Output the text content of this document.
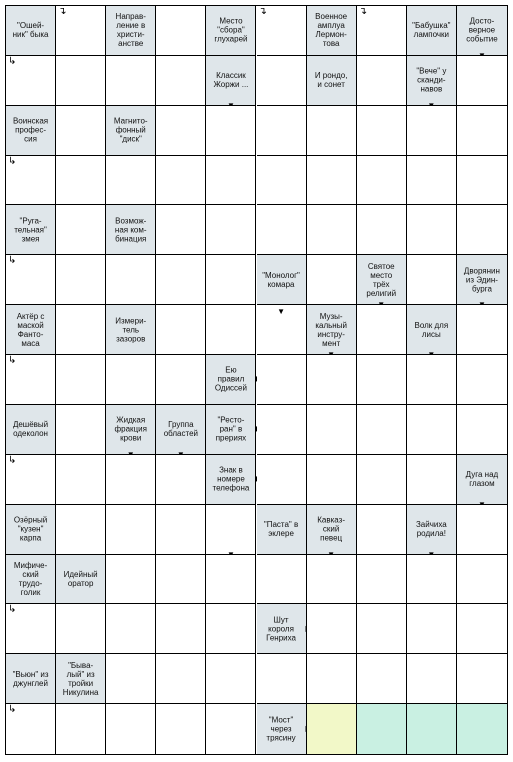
"Ошей-
ник" быка
↴	Направ-
ление в
христи-
анстве
Место
"сбора"
глухарей
↴	Военное
амплуа
Лермон-
това
↴
"Бабушка"
лампочки
Досто-
верное
событие
↳
Классик
Жоржи ...
И рондо,
и сонет
"Вече" у
сканди-
навов
Воинская
профес-
сия
Магнито-
фонный
"диск"
↳
"Руга-
тельная"
змея
Возмож-
ная ком-
бинация
↳
"Монолог"
комара
Святое
место
трёх
религий
Дворянин
из Эдин-
бурга
Актёр с
маской
Фанто-
маса
Измери-
тель
зазоров
▼	Музы-
кальный
инстру-
мент
Волк для
лисы
↳
Ею
правил
Одиссей
Дешёвый
одеколон
Жидкая
фракция
крови
Группа
областей
"Ресто-
ран" в
прериях
↳
Знак в
номере
телефона
Дуга над
глазом
Озёрный
"кузен"
карпа
"Паста" в
эклере
Кавказ-
ский
певец
Зайчиха
родила!
Мифиче-
ский
трудо-
голик
Идейный
оратор
↳
Шут
короля
Генриха
"Вьюн" из
джунглей
"Быва-
лый" из
тройки
Никулина
↳
"Мост"
через
трясину
